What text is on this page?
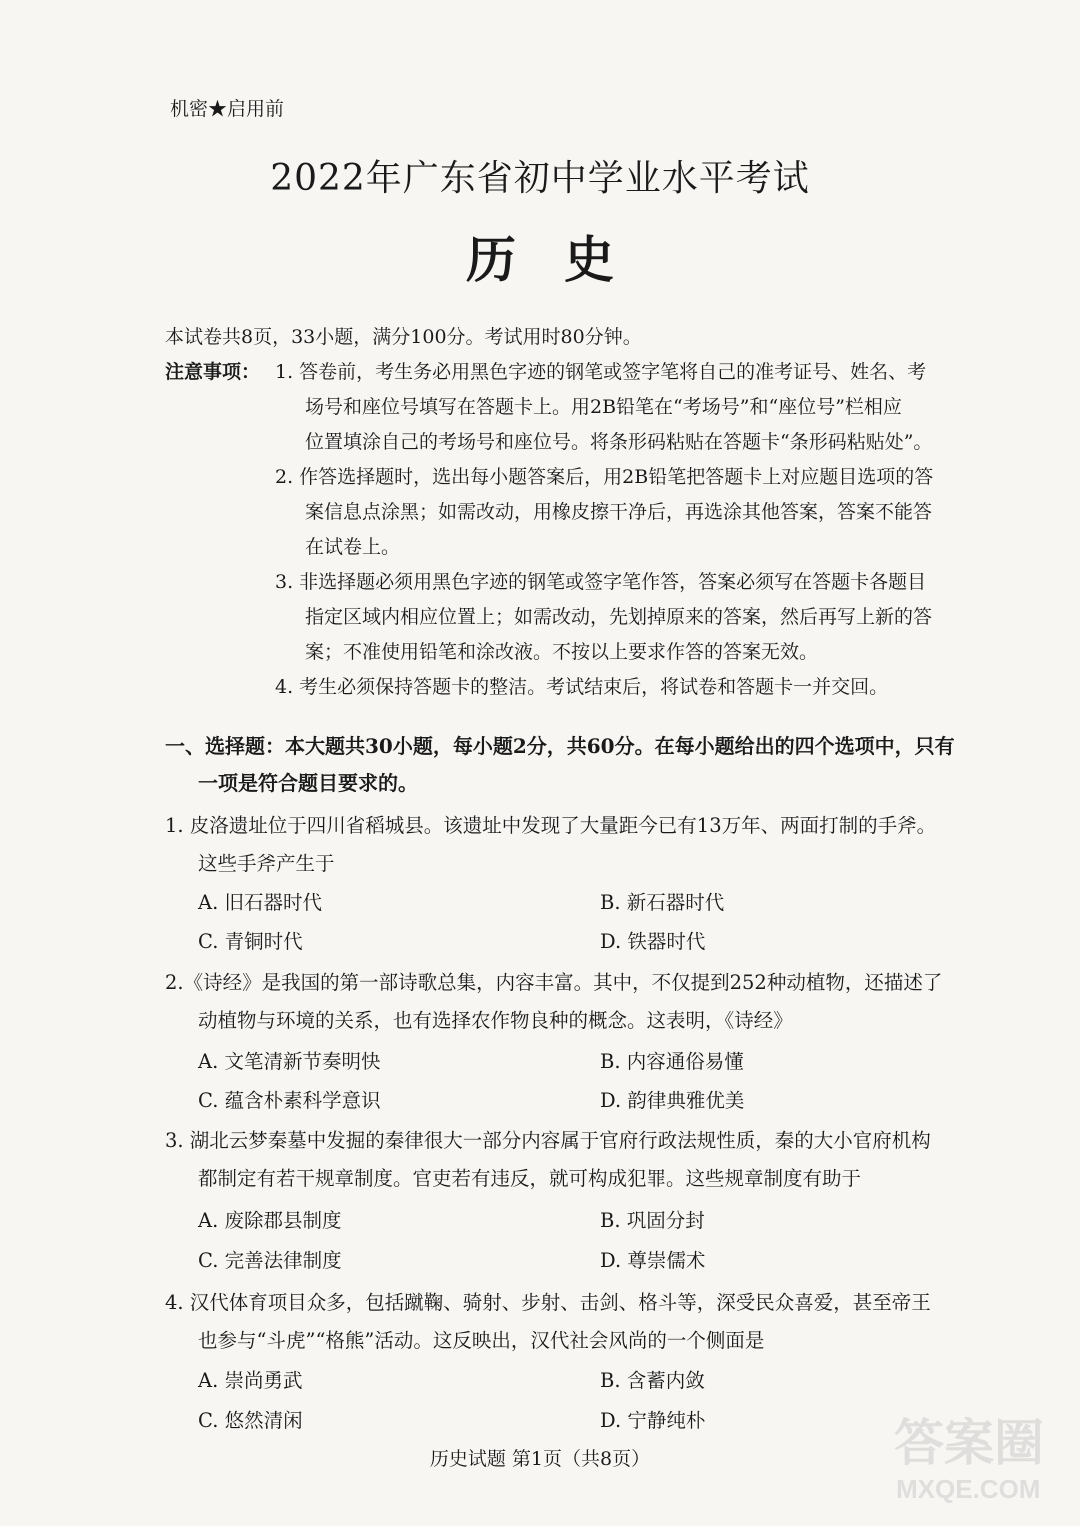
机密★启用前
2022年广东省初中学业水平考试
历史
本试卷共8页，33小题，满分100分。考试用时80分钟。
注意事项： 1. 答卷前，考生务必用黑色字迹的钢笔或签字笔将自己的准考证号、姓名、考
场号和座位号填写在答题卡上。用2B铅笔在“考场号”和“座位号”栏相应
位置填涂自己的考场号和座位号。将条形码粘贴在答题卡“条形码粘贴处”。
2. 作答选择题时，选出每小题答案后，用2B铅笔把答题卡上对应题目选项的答
案信息点涂黑；如需改动，用橡皮擦干净后，再选涂其他答案，答案不能答
在试卷上。
3. 非选择题必须用黑色字迹的钢笔或签字笔作答，答案必须写在答题卡各题目
指定区域内相应位置上；如需改动，先划掉原来的答案，然后再写上新的答
案；不准使用铅笔和涂改液。不按以上要求作答的答案无效。
4. 考生必须保持答题卡的整洁。考试结束后，将试卷和答题卡一并交回。
一、选择题：本大题共30小题，每小题2分，共60分。在每小题给出的四个选项中，只有
一项是符合题目要求的。
1. 皮洛遗址位于四川省稻城县。该遗址中发现了大量距今已有13万年、两面打制的手斧。
这些手斧产生于
A. 旧石器时代	B. 新石器时代
C. 青铜时代	D. 铁器时代
2.《诗经》是我国的第一部诗歌总集，内容丰富。其中，不仅提到252种动植物，还描述了
动植物与环境的关系，也有选择农作物良种的概念。这表明，《诗经》
A. 文笔清新节奏明快	B. 内容通俗易懂
C. 蕴含朴素科学意识	D. 韵律典雅优美
3. 湖北云梦秦墓中发掘的秦律很大一部分内容属于官府行政法规性质，秦的大小官府机构
都制定有若干规章制度。官吏若有违反，就可构成犯罪。这些规章制度有助于
A. 废除郡县制度	B. 巩固分封
C. 完善法律制度	D. 尊崇儒术
4. 汉代体育项目众多，包括蹴鞠、骑射、步射、击剑、格斗等，深受民众喜爱，甚至帝王
也参与“斗虎”“格熊”活动。这反映出，汉代社会风尚的一个侧面是
A. 崇尚勇武	B. 含蓄内敛
C. 悠然清闲	D. 宁静纯朴
历史试题 第1页（共8页）	答案圈
MXQE.COM
